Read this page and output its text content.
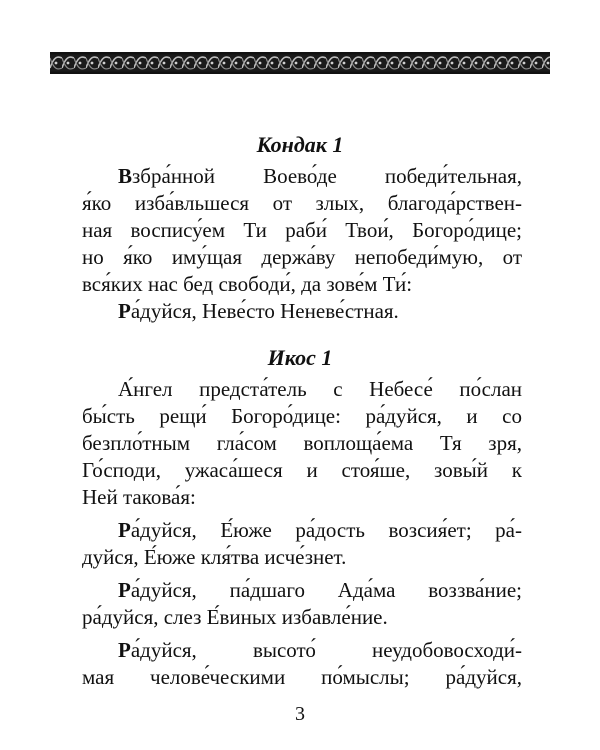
Кондак 1
Взбра́нной Воево́де победи́тельная,
я́ко изба́вльшеся от злых, благода́рствен-
ная воспису́ем Ти раби́ Твои́, Богоро́дице;
но я́ко иму́щая держа́ву непобеди́мую, от
вся́ких нас бед свободи́, да зове́м Ти́:
Ра́дуйся, Неве́сто Неневе́стная.
Икос 1
А́нгел предста́тель с Небесе́ по́слан
бы́сть рещи́ Богоро́дице: ра́дуйся, и со
безпло́тным гла́сом воплоща́ема Тя зря,
Го́споди, ужаса́шеся и стоя́ше, зовы́й к
Ней такова́я:
Ра́дуйся, Е́юже ра́дость возсия́ет; ра́-
дуйся, Е́юже кля́тва исче́знет.
Ра́дуйся, па́дшаго Ада́ма воззва́ние;
ра́дуйся, слез Е́виных избавле́ние.
Ра́дуйся, высото́ неудобовосходи́-
мая челове́ческими по́мыслы; ра́дуйся,
3
